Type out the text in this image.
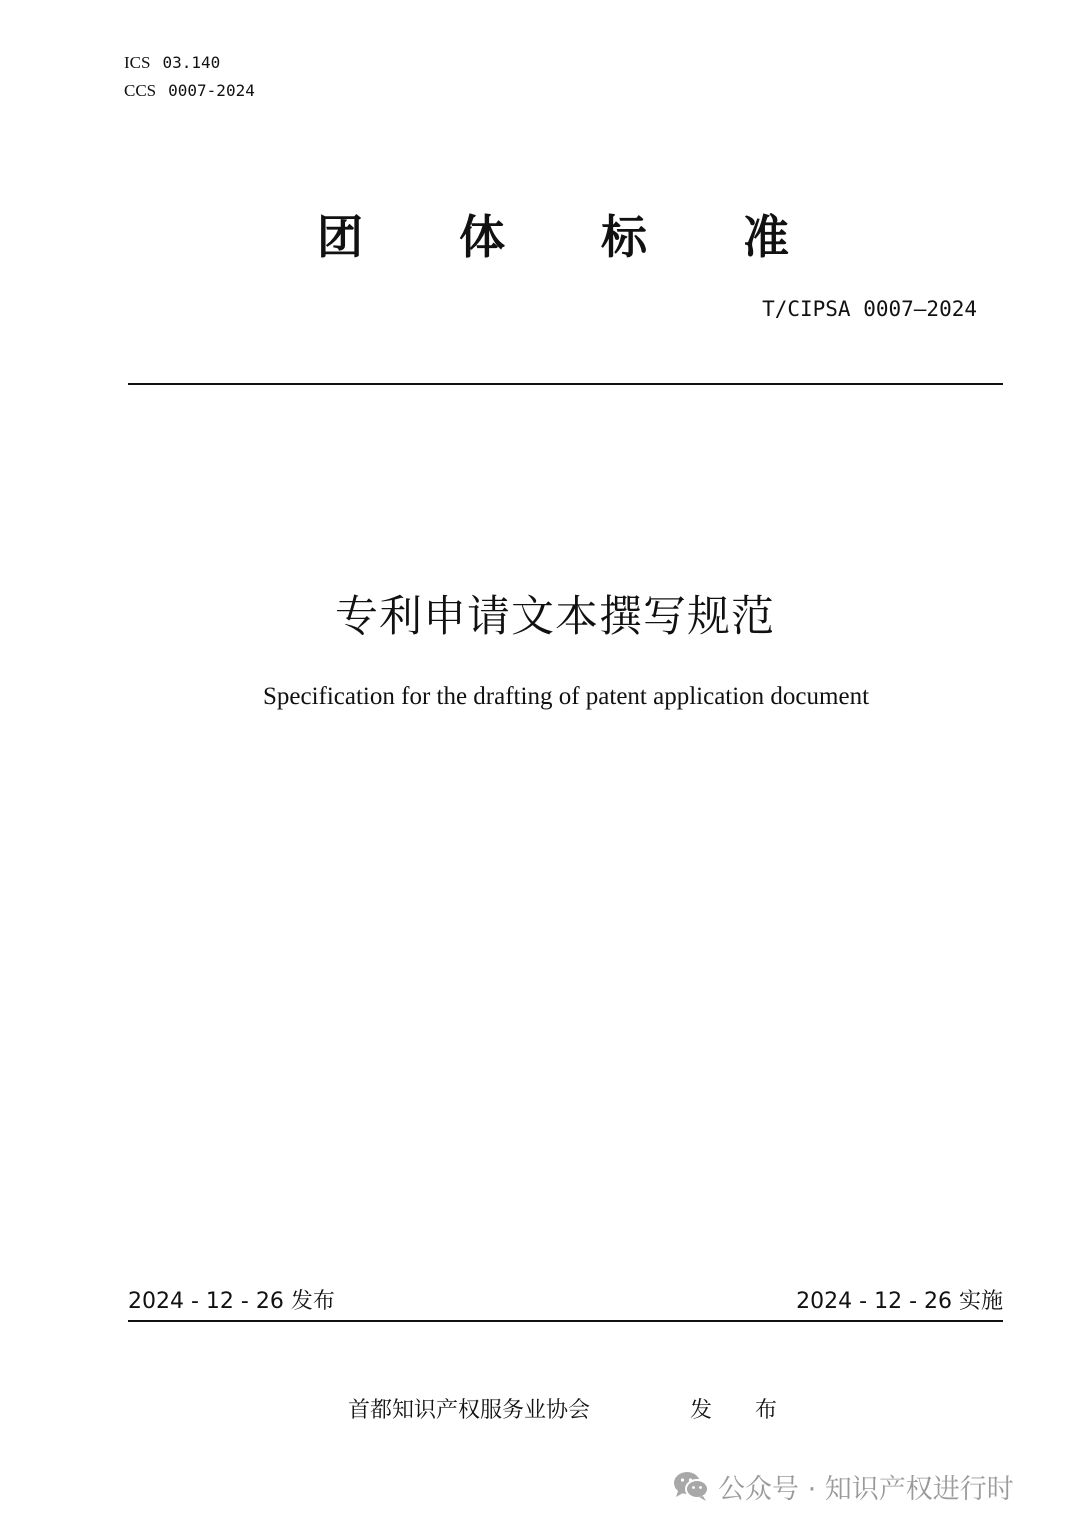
ICS 03.140
CCS 0007-2024
团 体 标 准
T/CIPSA 0007—2024
专利申请文本撰写规范
Specification for the drafting of patent application document
2024 - 12 - 26 发布	2024 - 12 - 26 实施
首都知识产权服务业协会	发 布
公众号 · 知识产权进行时
